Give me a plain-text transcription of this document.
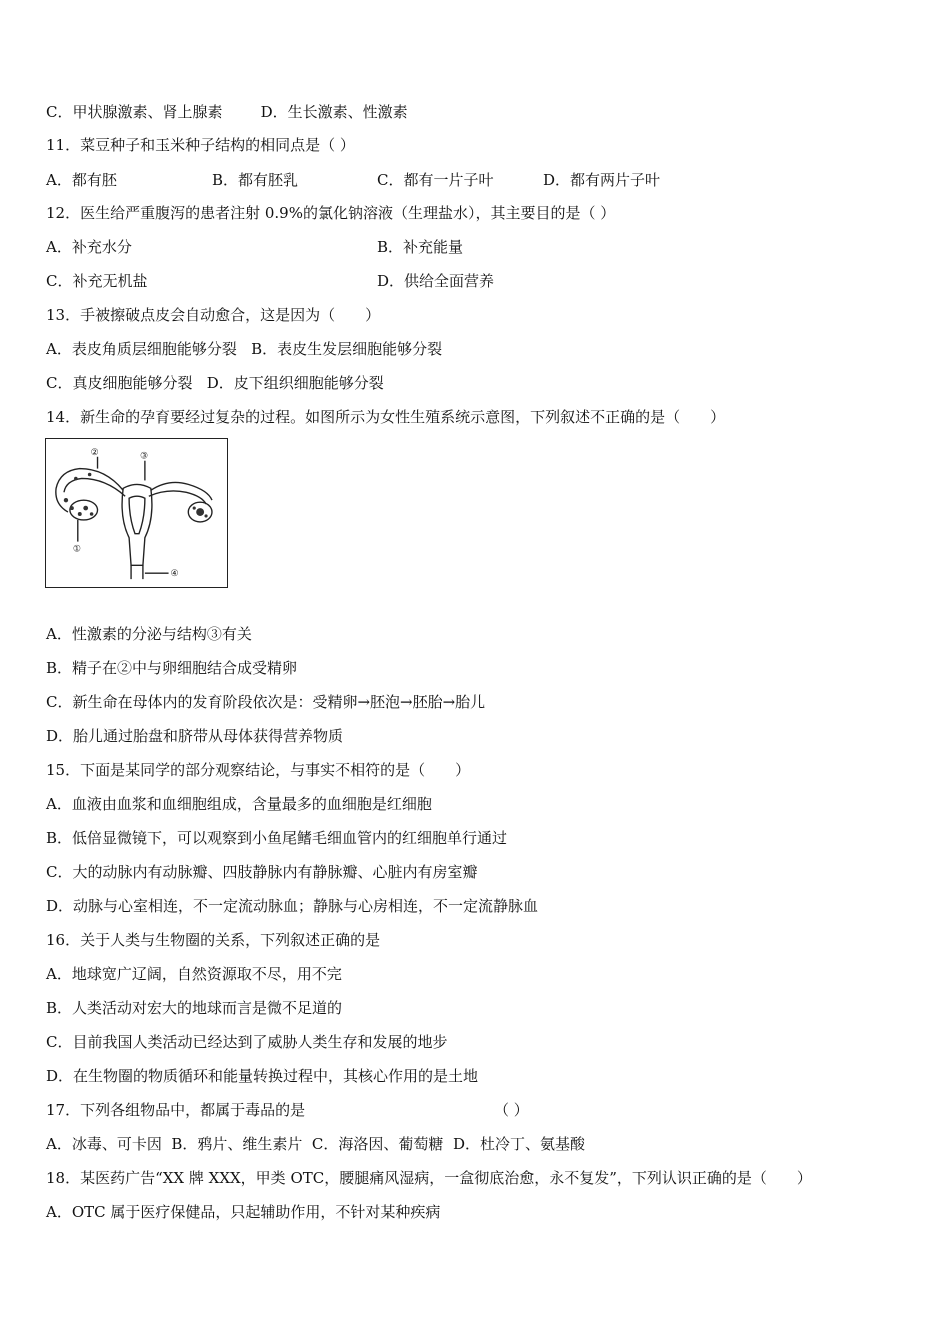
C．甲状腺激素、肾上腺素        D．生长激素、性激素
11．菜豆种子和玉米种子结构的相同点是（ ）
A．都有胚	B．都有胚乳	C．都有一片子叶	D．都有两片子叶
12．医生给严重腹泻的患者注射 0.9%的氯化钠溶液（生理盐水），其主要目的是（ ）
A．补充水分	B．补充能量
C．补充无机盐	D．供给全面营养
13．手被擦破点皮会自动愈合，这是因为（　　）
A．表皮角质层细胞能够分裂   B．表皮生发层细胞能够分裂
C．真皮细胞能够分裂   D．皮下组织细胞能够分裂
14．新生命的孕育要经过复杂的过程。如图所示为女性生殖系统示意图，下列叙述不正确的是（　　）
②	③
①
④
A．性激素的分泌与结构③有关
B．精子在②中与卵细胞结合成受精卵
C．新生命在母体内的发育阶段依次是：受精卵→胚泡→胚胎→胎儿
D．胎儿通过胎盘和脐带从母体获得营养物质
15．下面是某同学的部分观察结论，与事实不相符的是（　　）
A．血液由血浆和血细胞组成，含量最多的血细胞是红细胞
B．低倍显微镜下，可以观察到小鱼尾鳍毛细血管内的红细胞单行通过
C．大的动脉内有动脉瓣、四肢静脉内有静脉瓣、心脏内有房室瓣
D．动脉与心室相连，不一定流动脉血；静脉与心房相连，不一定流静脉血
16．关于人类与生物圈的关系，下列叙述正确的是
A．地球宽广辽阔，自然资源取不尽，用不完
B．人类活动对宏大的地球而言是微不足道的
C．目前我国人类活动已经达到了威胁人类生存和发展的地步
D．在生物圈的物质循环和能量转换过程中，其核心作用的是土地
17．下列各组物品中，都属于毒品的是	（ ）
A．冰毒、可卡因  B．鸦片、维生素片  C．海洛因、葡萄糖  D．杜冷丁、氨基酸
18．某医药广告“XX 牌 XXX，甲类 OTC，腰腿痛风湿病，一盒彻底治愈，永不复发”，下列认识正确的是（　　）
A．OTC 属于医疗保健品，只起辅助作用，不针对某种疾病
